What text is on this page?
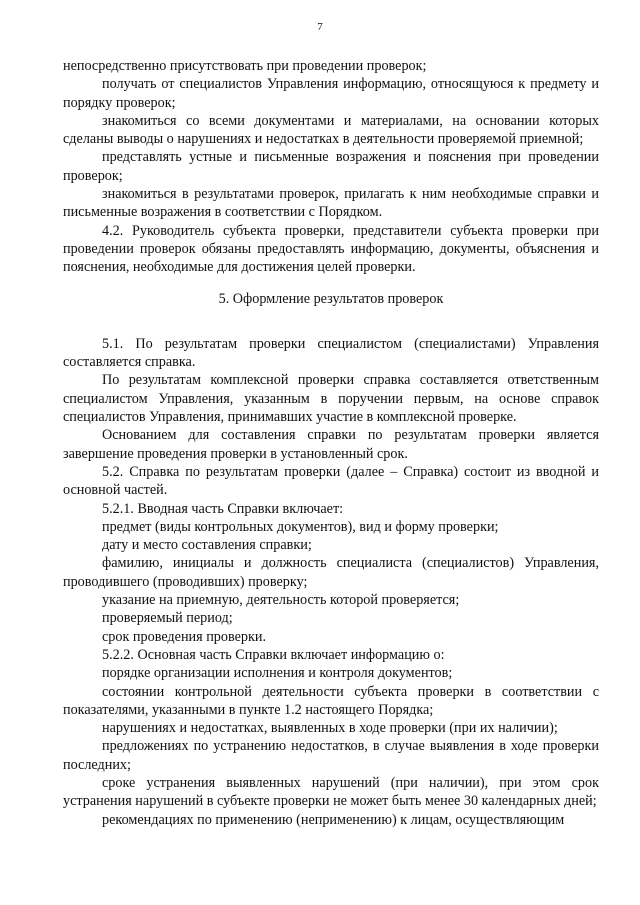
7

непосредственно присутствовать при проведении проверок;

получать от специалистов Управления информацию, относящуюся к предмету и порядку проверок;

знакомиться со всеми документами и материалами, на основании которых сделаны выводы о нарушениях и недостатках в деятельности проверяемой приемной;

представлять устные и письменные возражения и пояснения при проведении проверок;

знакомиться в результатами проверок, прилагать к ним необходимые справки и письменные возражения в соответствии с Порядком.

4.2. Руководитель субъекта проверки, представители субъекта проверки при проведении проверок обязаны предоставлять информацию, документы, объяснения и пояснения, необходимые для достижения целей проверки.

5. Оформление результатов проверок

5.1. По результатам проверки специалистом (специалистами) Управления составляется справка.

По результатам комплексной проверки справка составляется ответственным специалистом Управления, указанным в поручении первым, на основе справок специалистов Управления, принимавших участие в комплексной проверке.

Основанием для составления справки по результатам проверки является завершение проведения проверки в установленный срок.

5.2. Справка по результатам проверки (далее – Справка) состоит из вводной и основной частей.

5.2.1. Вводная часть Справки включает:

предмет (виды контрольных документов), вид и форму проверки;

дату и место составления справки;

фамилию, инициалы и должность специалиста (специалистов) Управления, проводившего (проводивших) проверку;

указание на приемную, деятельность которой проверяется;

проверяемый период;

срок проведения проверки.

5.2.2. Основная часть Справки включает информацию о:

порядке организации исполнения и контроля документов;

состоянии контрольной деятельности субъекта проверки в соответствии с показателями, указанными в пункте 1.2 настоящего Порядка;

нарушениях и недостатках, выявленных в ходе проверки (при их наличии);

предложениях по устранению недостатков, в случае выявления в ходе проверки последних;

сроке устранения выявленных нарушений (при наличии), при этом срок устранения нарушений в субъекте проверки не может быть менее 30 календарных дней;

рекомендациях по применению (неприменению) к лицам, осуществляющим
